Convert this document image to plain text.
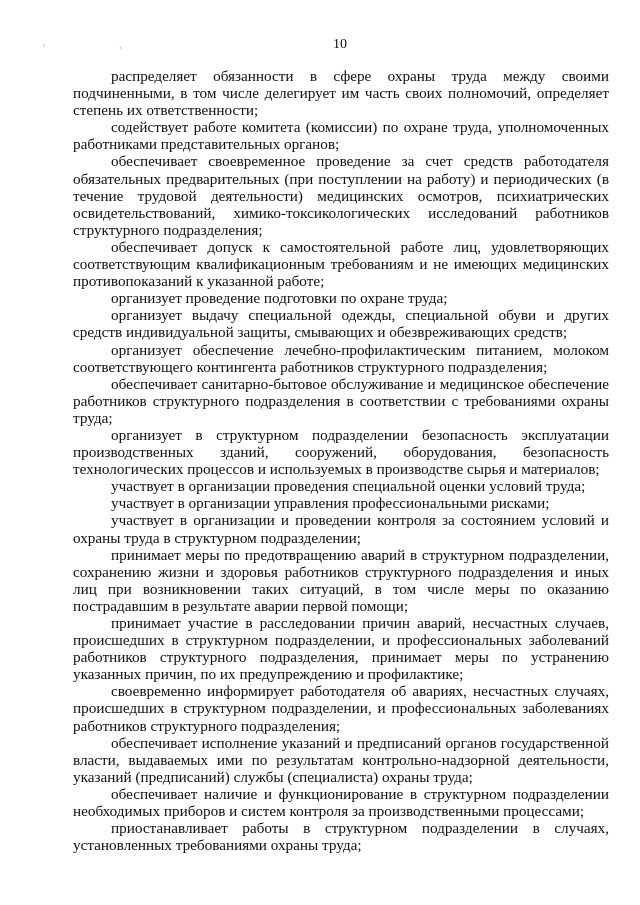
' ·	10

распределяет обязанности в сфере охраны труда между своими подчиненными, в том числе делегирует им часть своих полномочий, определяет степень их ответственности;

содействует работе комитета (комиссии) по охране труда, уполномоченных работниками представительных органов;

обеспечивает своевременное проведение за счет средств работодателя обязательных предварительных (при поступлении на работу) и периодических (в течение трудовой деятельности) медицинских осмотров, психиатрических освидетельствований, химико-токсикологических исследований работников структурного подразделения;

обеспечивает допуск к самостоятельной работе лиц, удовлетворяющих соответствующим квалификационным требованиям и не имеющих медицинских противопоказаний к указанной работе;

организует проведение подготовки по охране труда;

организует выдачу специальной одежды, специальной обуви и других средств индивидуальной защиты, смывающих и обезвреживающих средств;

организует обеспечение лечебно-профилактическим питанием, молоком соответствующего контингента работников структурного подразделения;

обеспечивает санитарно-бытовое обслуживание и медицинское обеспечение работников структурного подразделения в соответствии с требованиями охраны труда;

организует в структурном подразделении безопасность эксплуатации производственных зданий, сооружений, оборудования, безопасность технологических процессов и используемых в производстве сырья и материалов;

участвует в организации проведения специальной оценки условий труда;

участвует в организации управления профессиональными рисками;

участвует в организации и проведении контроля за состоянием условий и охраны труда в структурном подразделении;

принимает меры по предотвращению аварий в структурном подразделении, сохранению жизни и здоровья работников структурного подразделения и иных лиц при возникновении таких ситуаций, в том числе меры по оказанию пострадавшим в результате аварии первой помощи;

принимает участие в расследовании причин аварий, несчастных случаев, происшедших в структурном подразделении, и профессиональных заболеваний работников структурного подразделения, принимает меры по устранению указанных причин, по их предупреждению и профилактике;

своевременно информирует работодателя об авариях, несчастных случаях, происшедших в структурном подразделении, и профессиональных заболеваниях работников структурного подразделения;

обеспечивает исполнение указаний и предписаний органов государственной власти, выдаваемых ими по результатам контрольно-надзорной деятельности, указаний (предписаний) службы (специалиста) охраны труда;

обеспечивает наличие и функционирование в структурном подразделении необходимых приборов и систем контроля за производственными процессами;

приостанавливает работы в структурном подразделении в случаях, установленных требованиями охраны труда;
